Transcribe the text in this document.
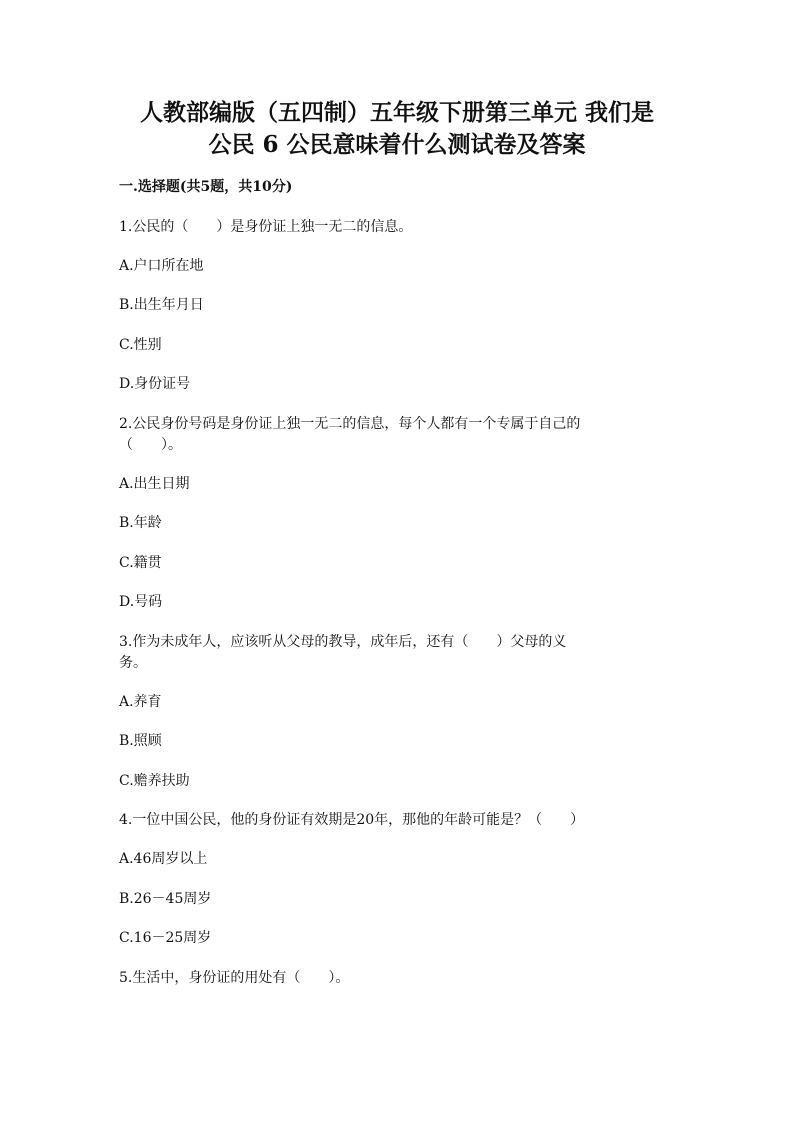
人教部编版（五四制）五年级下册第三单元 我们是
公民 6 公民意味着什么测试卷及答案
一.选择题(共5题，共10分)

1.公民的（　　）是身份证上独一无二的信息。

A.户口所在地

B.出生年月日

C.性别

D.身份证号

2.公民身份号码是身份证上独一无二的信息，每个人都有一个专属于自己的

（　　）。

A.出生日期

B.年龄

C.籍贯

D.号码

3.作为未成年人，应该听从父母的教导，成年后，还有（　　）父母的义

务。

A.养育

B.照顾

C.赡养扶助

4.一位中国公民，他的身份证有效期是20年，那他的年龄可能是？（　　）

A.46周岁以上

B.26－45周岁

C.16－25周岁

5.生活中，身份证的用处有（　　）。
